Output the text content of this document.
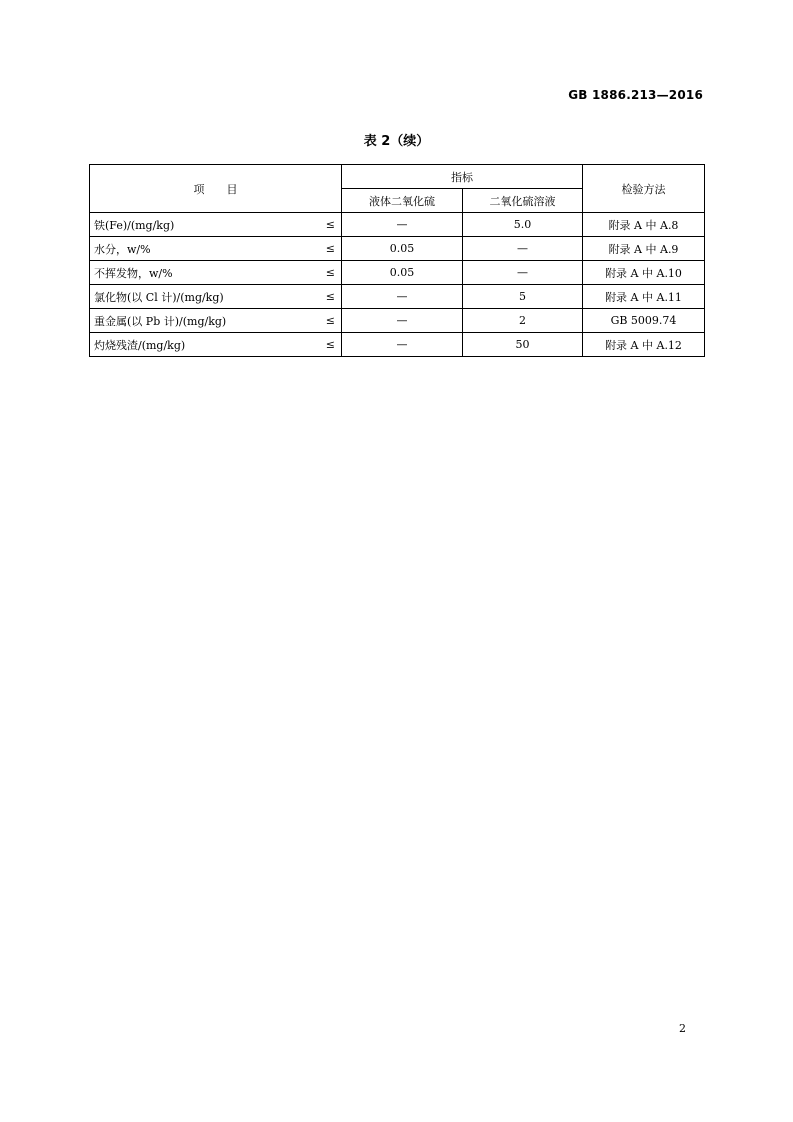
GB 1886.213—2016
表 2（续）
项　　目	指标		检验方法
	液体二氧化硫	二氧化硫溶液	

铁(Fe)/(mg/kg) ≤	—	5.0	附录 A 中 A.8

水分，w/% ≤	0.05	—	附录 A 中 A.9

不挥发物，w/% ≤	0.05	—	附录 A 中 A.10

氯化物(以 Cl 计)/(mg/kg) ≤	—	5	附录 A 中 A.11

重金属(以 Pb 计)/(mg/kg) ≤	—	2	GB 5009.74

灼烧残渣/(mg/kg) ≤	—	50	附录 A 中 A.12
2
